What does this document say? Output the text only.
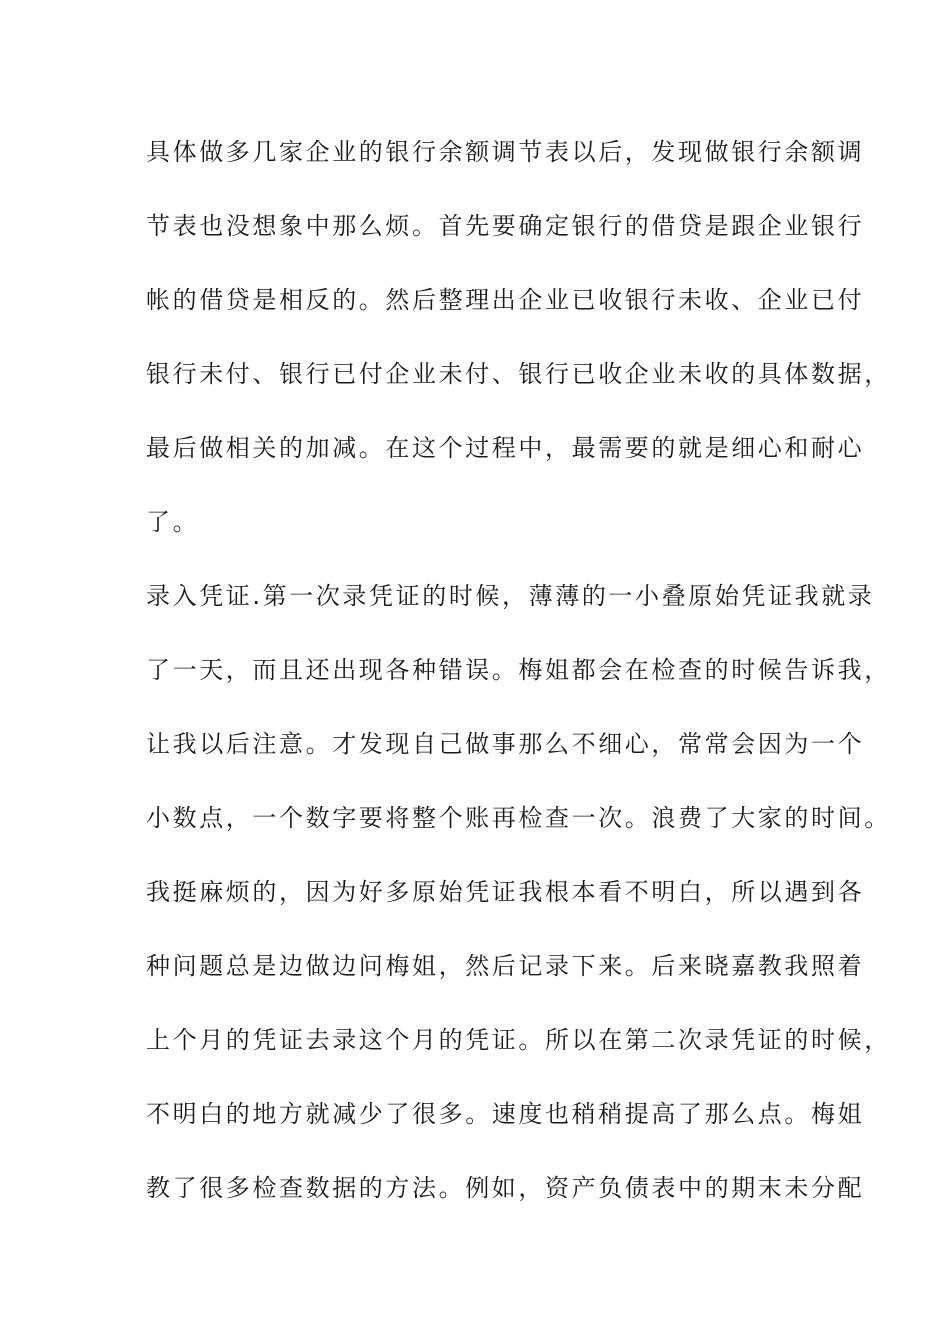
具体做多几家企业的银行余额调节表以后，发现做银行余额调
节表也没想象中那么烦。首先要确定银行的借贷是跟企业银行
帐的借贷是相反的。然后整理出企业已收银行未收、企业已付
银行未付、银行已付企业未付、银行已收企业未收的具体数据，
最后做相关的加减。在这个过程中，最需要的就是细心和耐心
了。
录入凭证.第一次录凭证的时候，薄薄的一小叠原始凭证我就录
了一天，而且还出现各种错误。梅姐都会在检查的时候告诉我，
让我以后注意。才发现自己做事那么不细心，常常会因为一个
小数点，一个数字要将整个账再检查一次。浪费了大家的时间。
我挺麻烦的，因为好多原始凭证我根本看不明白，所以遇到各
种问题总是边做边问梅姐，然后记录下来。后来晓嘉教我照着
上个月的凭证去录这个月的凭证。所以在第二次录凭证的时候，
不明白的地方就减少了很多。速度也稍稍提高了那么点。梅姐
教了很多检查数据的方法。例如，资产负债表中的期末未分配
